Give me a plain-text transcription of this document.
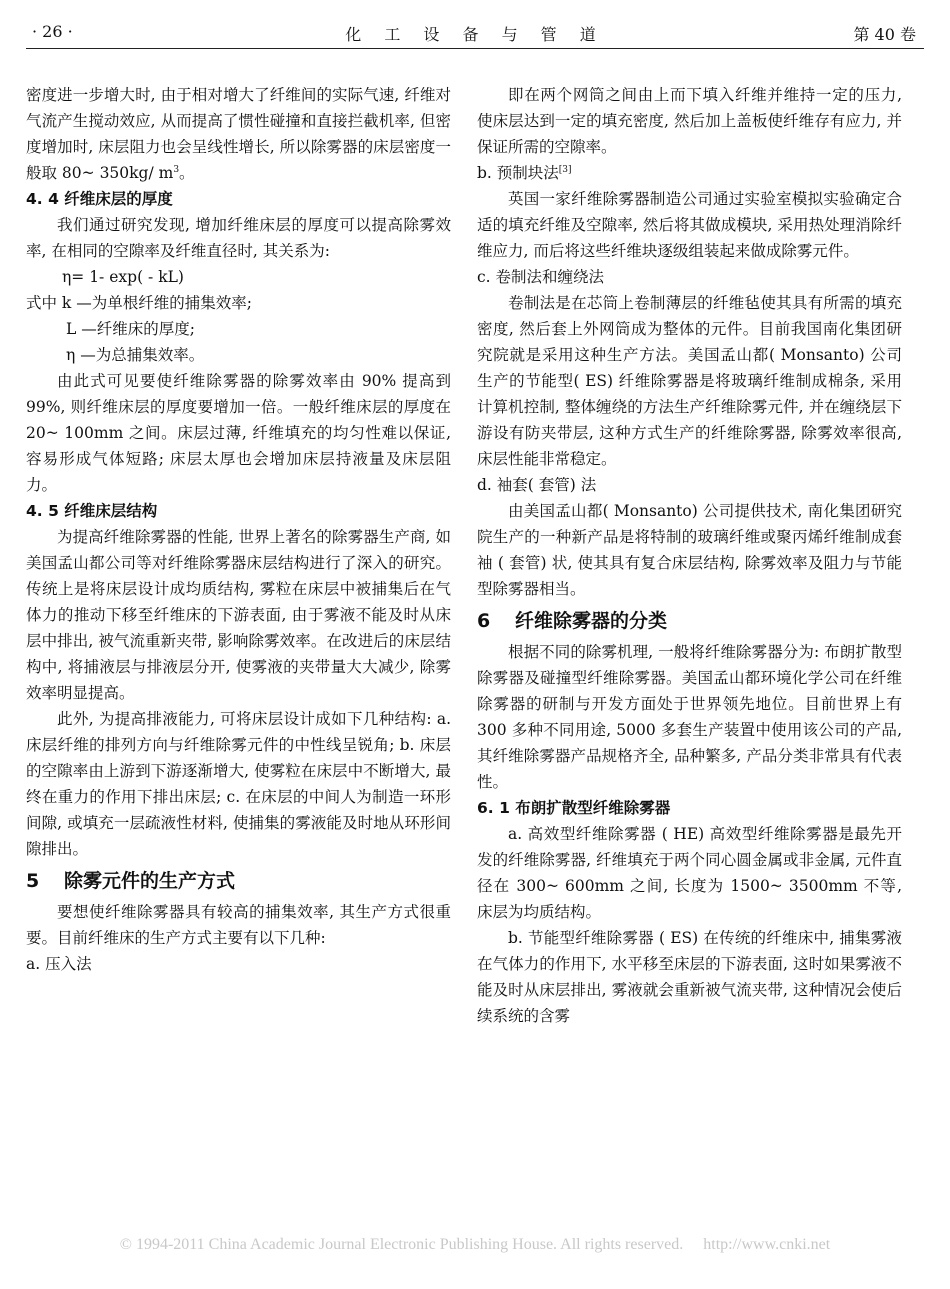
· 26 ·	化 工 设 备 与 管 道	第 40 卷

密度进一步增大时, 由于相对增大了纤维间的实际气速, 纤维对气流产生搅动效应, 从而提高了惯性碰撞和直接拦截机率, 但密度增加时, 床层阻力也会呈线性增长, 所以除雾器的床层密度一般取 80~ 350kg/ $m^3$。

4. 4 纤维床层的厚度

我们通过研究发现, 增加纤维床层的厚度可以提高除雾效率, 在相同的空隙率及纤维直径时, 其关系为:

η= 1- exp( - kL)

式中 k —为单根纤维的捕集效率;

L —纤维床的厚度;

η —为总捕集效率。

由此式可见要使纤维除雾器的除雾效率由 90% 提高到 99%, 则纤维床层的厚度要增加一倍。一般纤维床层的厚度在 20~ 100mm 之间。床层过薄, 纤维填充的均匀性难以保证, 容易形成气体短路; 床层太厚也会增加床层持液量及床层阻力。

4. 5 纤维床层结构

为提高纤维除雾器的性能, 世界上著名的除雾器生产商, 如美国孟山都公司等对纤维除雾器床层结构进行了深入的研究。传统上是将床层设计成均质结构, 雾粒在床层中被捕集后在气体力的推动下移至纤维床的下游表面, 由于雾液不能及时从床层中排出, 被气流重新夹带, 影响除雾效率。在改进后的床层结构中, 将捕液层与排液层分开, 使雾液的夹带量大大减少, 除雾效率明显提高。

此外, 为提高排液能力, 可将床层设计成如下几种结构: a. 床层纤维的排列方向与纤维除雾元件的中性线呈锐角; b. 床层的空隙率由上游到下游逐渐增大, 使雾粒在床层中不断增大, 最终在重力的作用下排出床层; c. 在床层的中间人为制造一环形间隙, 或填充一层疏液性材料, 使捕集的雾液能及时地从环形间隙排出。

5 除雾元件的生产方式

要想使纤维除雾器具有较高的捕集效率, 其生产方式很重要。目前纤维床的生产方式主要有以下几种:

a. 压入法

即在两个网筒之间由上而下填入纤维并维持一定的压力, 使床层达到一定的填充密度, 然后加上盖板使纤维存有应力, 并保证所需的空隙率。

b. 预制块法[3]

英国一家纤维除雾器制造公司通过实验室模拟实验确定合适的填充纤维及空隙率, 然后将其做成模块, 采用热处理消除纤维应力, 而后将这些纤维块逐级组装起来做成除雾元件。

c. 卷制法和缠绕法

卷制法是在芯筒上卷制薄层的纤维毡使其具有所需的填充密度, 然后套上外网筒成为整体的元件。目前我国南化集团研究院就是采用这种生产方法。美国孟山都( Monsanto) 公司生产的节能型( ES) 纤维除雾器是将玻璃纤维制成棉条, 采用计算机控制, 整体缠绕的方法生产纤维除雾元件, 并在缠绕层下游设有防夹带层, 这种方式生产的纤维除雾器, 除雾效率很高, 床层性能非常稳定。

d. 袖套( 套管) 法

由美国孟山都( Monsanto) 公司提供技术, 南化集团研究院生产的一种新产品是将特制的玻璃纤维或聚丙烯纤维制成套袖 ( 套管) 状, 使其具有复合床层结构, 除雾效率及阻力与节能型除雾器相当。

6 纤维除雾器的分类

根据不同的除雾机理, 一般将纤维除雾器分为: 布朗扩散型除雾器及碰撞型纤维除雾器。美国孟山都环境化学公司在纤维除雾器的研制与开发方面处于世界领先地位。目前世界上有 300 多种不同用途, 5000 多套生产装置中使用该公司的产品, 其纤维除雾器产品规格齐全, 品种繁多, 产品分类非常具有代表性。

6. 1 布朗扩散型纤维除雾器

a. 高效型纤维除雾器 ( HE) 高效型纤维除雾器是最先开发的纤维除雾器, 纤维填充于两个同心圆金属或非金属, 元件直径在 300~ 600mm 之间, 长度为 1500~ 3500mm 不等, 床层为均质结构。

b. 节能型纤维除雾器 ( ES) 在传统的纤维床中, 捕集雾液在气体力的作用下, 水平移至床层的下游表面, 这时如果雾液不能及时从床层排出, 雾液就会重新被气流夹带, 这种情况会使后续系统的含雾

© 1994-2011 China Academic Journal Electronic Publishing House. All rights reserved. http://www.cnki.net
